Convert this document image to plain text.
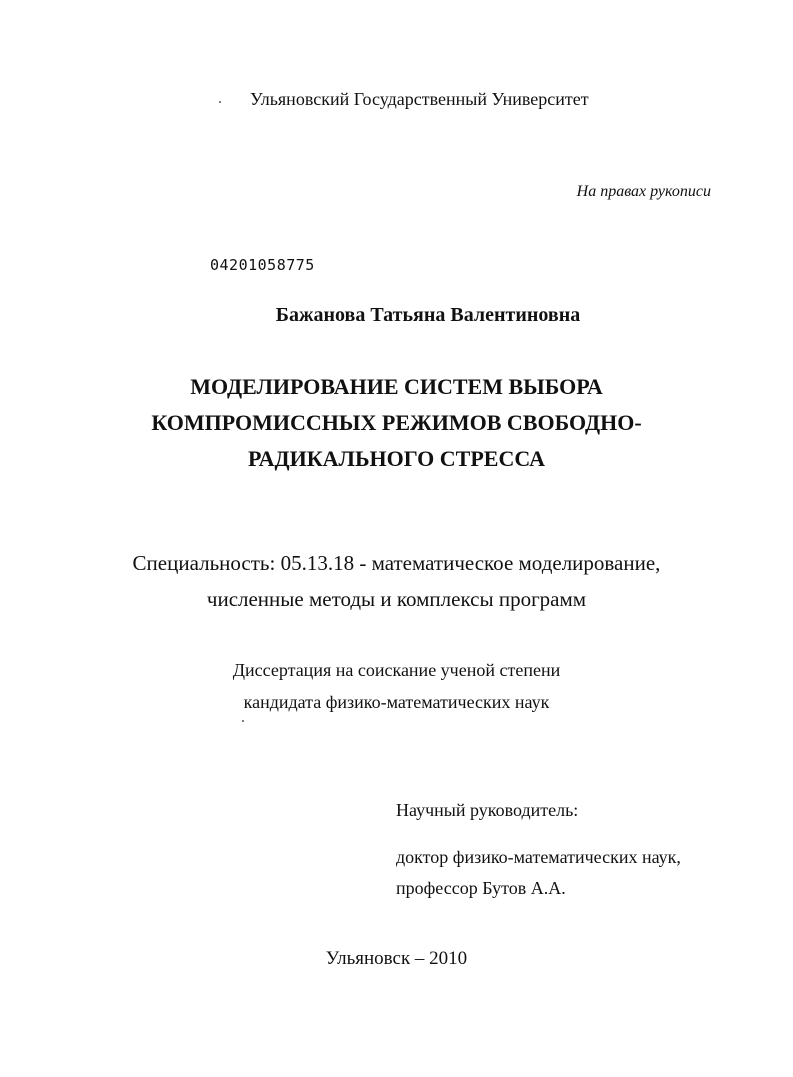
Ульяновский Государственный Университет
На правах рукописи
04201058775
Бажанова Татьяна Валентиновна
МОДЕЛИРОВАНИЕ СИСТЕМ ВЫБОРА
КОМПРОМИССНЫХ РЕЖИМОВ СВОБОДНО-
РАДИКАЛЬНОГО СТРЕССА
Специальность: 05.13.18 - математическое моделирование,
численные методы и комплексы программ
Диссертация на соискание ученой степени
кандидата физико-математических наук
Научный руководитель:
доктор физико-математических наук,
профессор Бутов А.А.
Ульяновск – 2010
